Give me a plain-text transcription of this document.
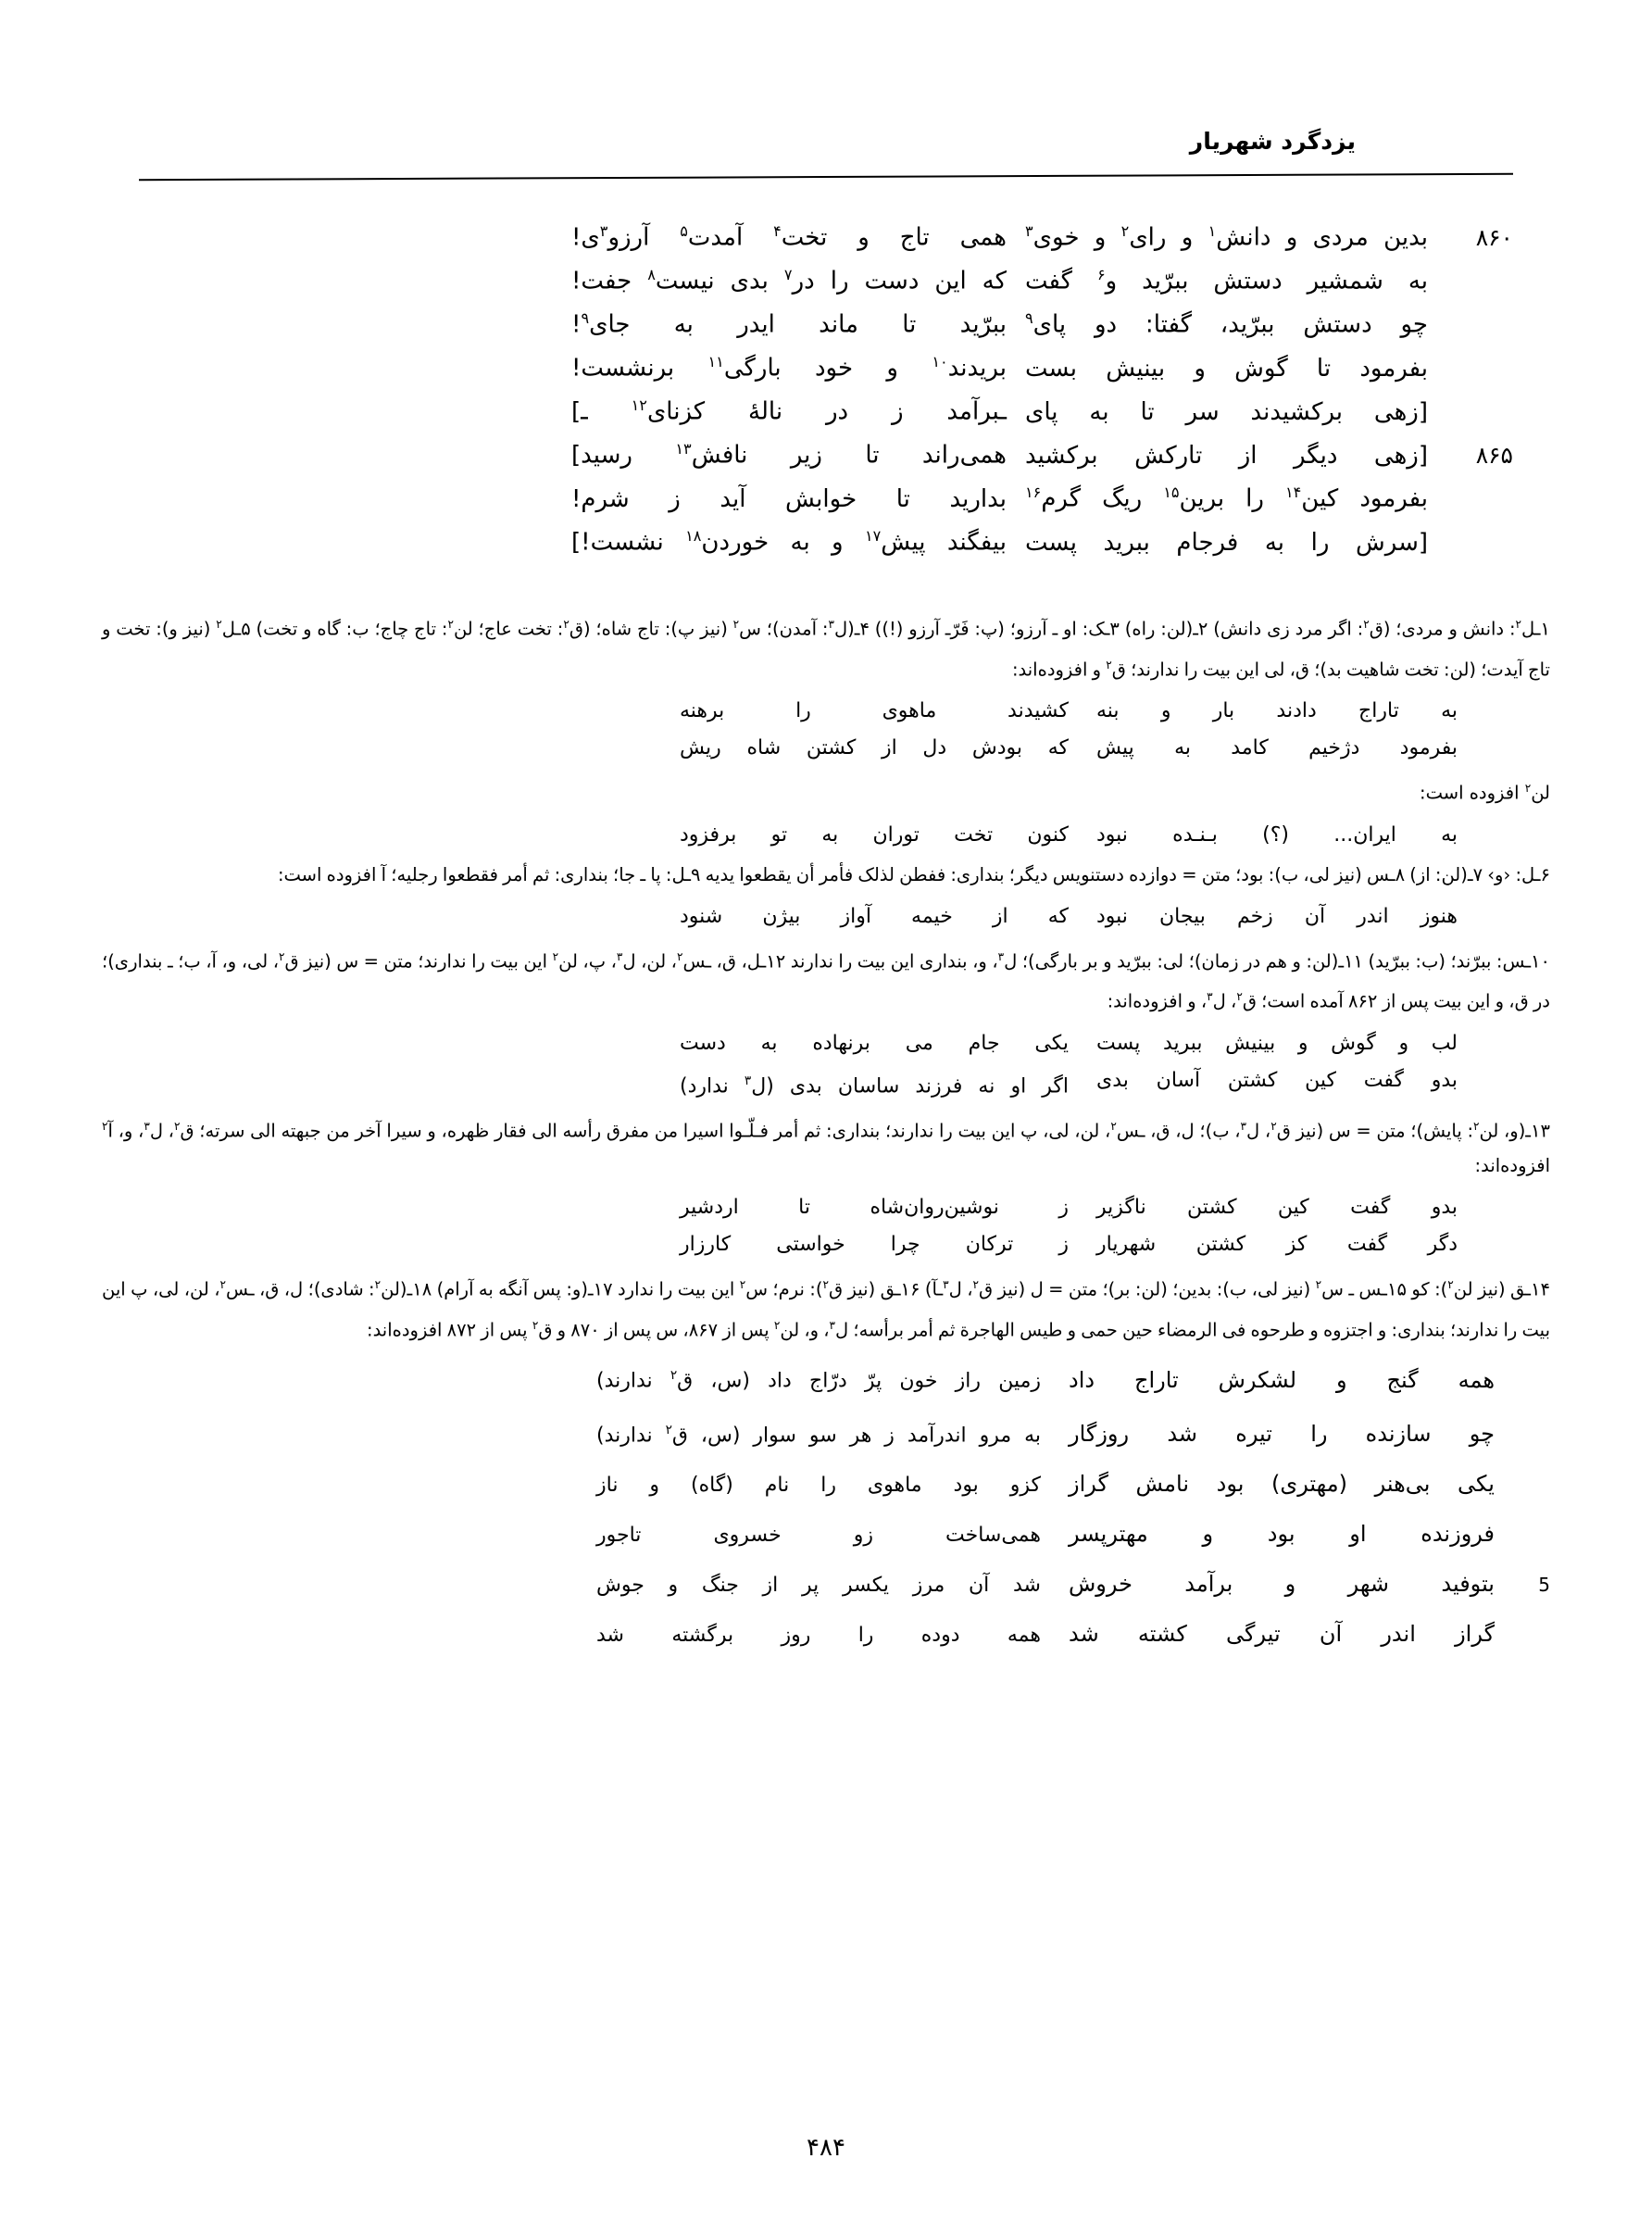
یزدگرد شهریار
۸۶۰
بدین مردی و دانش$^۱$ و رای$^۲$ و خوی$^۳$
همی تاج و تخت$^۴$ آمدت$^۵$ آرزو$^۳$ی!
به شمشیر دستش ببرّید و$^۶$ گفت
که این دست را در$^۷$ بدی نیست$^۸$ جفت!
چو دستش ببرّید، گفتا: دو پای$^۹$
ببرّید تا ماند ایدر به جای$^۹$!
بفرمود تا گوش و بینیش بست
بریدند$^{۱۰}$ و خود بارگی$^{۱۱}$ برنشست!
[زهی برکشیدند سر تا به پای
ـبرآمد ز در نالهٔ کزنای$^{۱۲}$ ـ]
۸۶۵
[زهی دیگر از تارکش برکشید
همی‌راند تا زیر نافش$^{۱۳}$ رسید]
بفرمود کین$^{۱۴}$ را برین$^{۱۵}$ ریگ گرم$^{۱۶}$
بدارید تا خوابش آید ز شرم!
[سرش را به فرجام ببرید پست
بیفگند پیش$^{۱۷}$ و به خوردن$^{۱۸}$ نشست!]

۱ـل$^۲$: دانش و مردی؛ (ق$^۲$: اگر مرد زی دانش) ۲ـ(لن: راه) ۳ـک: او ـ آرزو؛ (پ: فَرّـ آرزو (!)) ۴ـ(ل$^۳$: آمدن)؛ س$^۲$ (نیز پ): تاج شاه؛ (ق$^۲$: تخت عاج؛ لن$^۲$: تاج چاج؛ ب: گاه و تخت) ۵ـل$^۲$ (نیز و): تخت و تاج آیدت؛ (لن: تخت شاهیت بد)؛ ق، لی این بیت را ندارند؛ ق$^۲$ و افزوده‌اند:

به تاراج دادند بار و بنه
کشیدند ماهوی را برهنه
بفرمود دژخیم کامد به پیش
که بودش دل از کشتن شاه ریش

لن$^۲$ افزوده است:

به ایران... (؟) بـنـده نبود
کنون تخت توران به تو برفزود

۶ـل: ‹و› ۷ـ(لن: از) ۸ـس (نیز لی، ب): بود؛ متن = دوازده دستنویس دیگر؛ بنداری: ففطن لذلک فأمر أن یقطعوا یدیه ۹ـل: پا ـ جا؛ بنداری: ثم أمر فقطعوا رجلیه؛ آ افزوده است:

هنوز اندر آن زخم بیجان نبود
که از خیمه آواز بیژن شنود

۱۰ـس: ببرّند؛ (ب: ببرّید) ۱۱ـ(لن: و هم در زمان)؛ لی: ببرّید و بر بارگی)؛ ل$^۳$، و، بنداری این بیت را ندارند ۱۲ـل، ق، ـس$^۲$، لن، ل$^۳$، پ، لن$^۲$ این بیت را ندارند؛ متن = س (نیز ق$^۲$، لی، و، آ، ب؛ ـ بنداری)؛ در ق، و این بیت پس از ۸۶۲ آمده است؛ ق$^۲$، ل$^۳$، و افزوده‌اند:

لب و گوش و بینیش ببرید پست
یکی جام می برنهاده به دست
بدو گفت کین کشتن آسان بدی
اگر او نه فرزند ساسان بدی (ل$^۳$ ندارد)

۱۳ـ(و، لن$^۲$: پایش)؛ متن = س (نیز ق$^۲$، ل$^۳$، ب)؛ ل، ق، ـس$^۲$، لن، لی، پ این بیت را ندارند؛ بنداری: ثم أمر فـلّـوا اسیرا من مفرق رأسه الی فقار ظهره، و سیرا آخر من جبهته الی سرته؛ ق$^۲$، ل$^۳$، و، آ$^۲$ افزوده‌اند:

بدو گفت کین کشتن ناگزیر
ز نوشین‌روان‌شاه تا اردشیر
دگر گفت کز کشتن شهریار
ز ترکان چرا خواستی کارزار

۱۴ـق (نیز لن$^۲$): کو ۱۵ـس ـ س$^۲$ (نیز لی، ب): بدین؛ (لن: بر)؛ متن = ل (نیز ق$^۲$، ل$^۳$ـآ) ۱۶ـق (نیز ق$^۲$): نرم؛ س$^۲$ این بیت را ندارد ۱۷ـ(و: پس آنگه به آرام) ۱۸ـ(لن$^۲$: شادی)؛ ل، ق، ـس$^۲$، لن، لی، پ این بیت را ندارند؛ بنداری: و اجتزوه و طرحوه فی الرمضاء حین حمی و طیس الهاجرة ثم أمر برأسه؛ ل$^۳$، و، لن$^۲$ پس از ۸۶۷، س پس از ۸۷۰ و ق$^۲$ پس از ۸۷۲ افزوده‌اند:

همه گنج و لشکرش تاراج داد
زمین راز خون پرّ درّاج داد (س، ق$^۲$ ندارند)
چو سازنده را تیره شد روزگار
به مرو اندرآمد ز هر سو سوار (س، ق$^۲$ ندارند)
یکی بی‌هنر (مهتری) بود نامش گراز
کزو بود ماهوی را نام (گاه) و ناز
فروزنده او بود و مهترپسر
همی‌ساخت زو خسروی تاجور
5
بتوفید شهر و برآمد خروش
شد آن مرز یکسر پر از جنگ و جوش
گراز اندر آن تیرگی کشته شد
همه دوده را روز برگشته شد
۴۸۴
